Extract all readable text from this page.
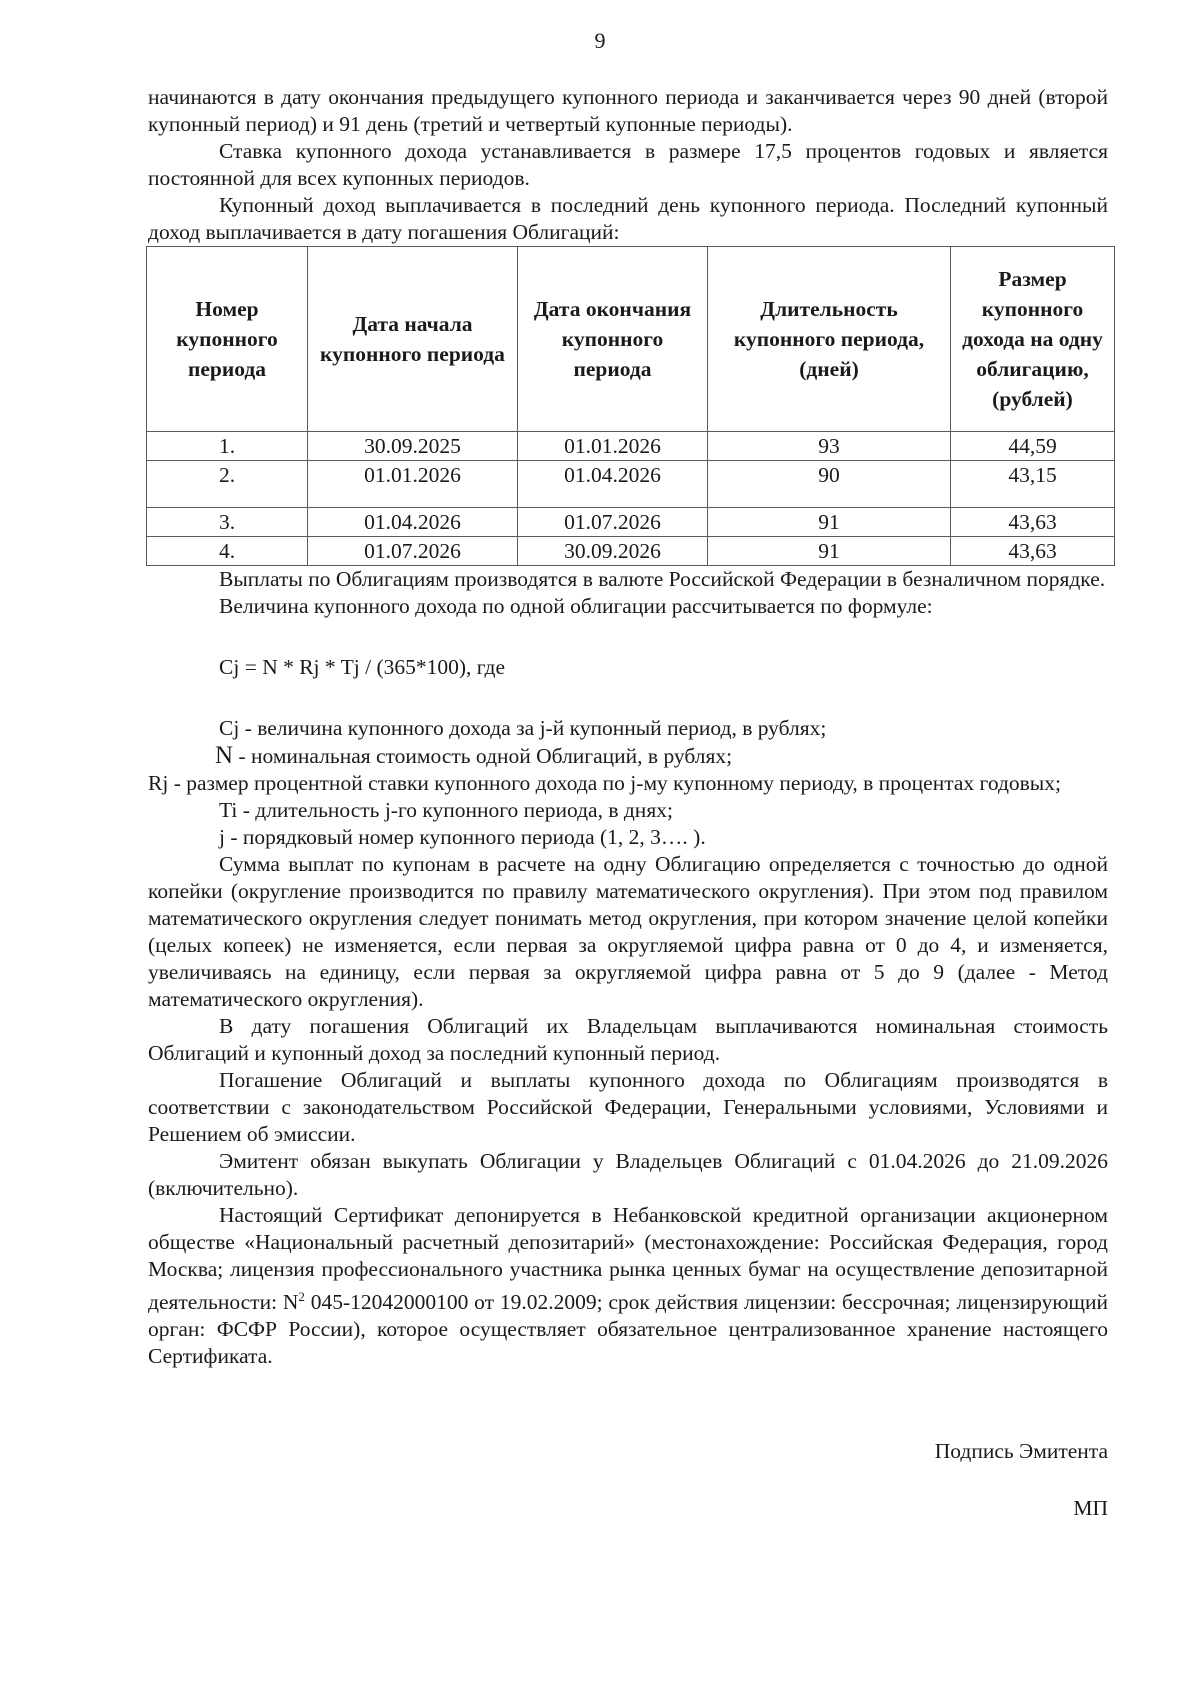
9

начинаются в дату окончания предыдущего купонного периода и заканчивается через 90 дней (второй купонный период) и 91 день (третий и четвертый купонные периоды).

Ставка купонного дохода устанавливается в размере 17,5 процентов годовых и является постоянной для всех купонных периодов.

Купонный доход выплачивается в последний день купонного периода. Последний купонный доход выплачивается в дату погашения Облигаций:

Номер купонного периода	Дата начала купонного периода	Дата окончания купонного периода	Длительность купонного периода, (дней)	Размер купонного дохода на одну облигацию, (рублей)
1.	30.09.2025	01.01.2026	93	44,59
2.	01.01.2026	01.04.2026	90	43,15
3.	01.04.2026	01.07.2026	91	43,63
4.	01.07.2026	30.09.2026	91	43,63

Выплаты по Облигациям производятся в валюте Российской Федерации в безналичном порядке.

Величина купонного дохода по одной облигации рассчитывается по формуле:

Cj = N * Rj * Tj / (365*100), где

Cj - величина купонного дохода за j-й купонный период, в рублях;

N - номинальная стоимость одной Облигаций, в рублях;

Rj - размер процентной ставки купонного дохода по j-му купонному периоду, в процентах годовых;

Ti - длительность j-го купонного периода, в днях;

j - порядковый номер купонного периода (1, 2, 3…. ).

Сумма выплат по купонам в расчете на одну Облигацию определяется с точностью до одной копейки (округление производится по правилу математического округления). При этом под правилом математического округления следует понимать метод округления, при котором значение целой копейки (целых копеек) не изменяется, если первая за округляемой цифра равна от 0 до 4, и изменяется, увеличиваясь на единицу, если первая за округляемой цифра равна от 5 до 9 (далее - Метод математического округления).

В дату погашения Облигаций их Владельцам выплачиваются номинальная стоимость Облигаций и купонный доход за последний купонный период.

Погашение Облигаций и выплаты купонного дохода по Облигациям производятся в соответствии с законодательством Российской Федерации, Генеральными условиями, Условиями и Решением об эмиссии.

Эмитент обязан выкупать Облигации у Владельцев Облигаций с 01.04.2026 до 21.09.2026 (включительно).

Настоящий Сертификат депонируется в Небанковской кредитной организации акционерном обществе «Национальный расчетный депозитарий» (местонахождение: Российская Федерация, город Москва; лицензия профессионального участника рынка ценных бумаг на осуществление депозитарной деятельности: $N^2$ 045-12042000100 от 19.02.2009; срок действия лицензии: бессрочная; лицензирующий орган: ФСФР России), которое осуществляет обязательное централизованное хранение настоящего Сертификата.

Подпись Эмитента

МП
